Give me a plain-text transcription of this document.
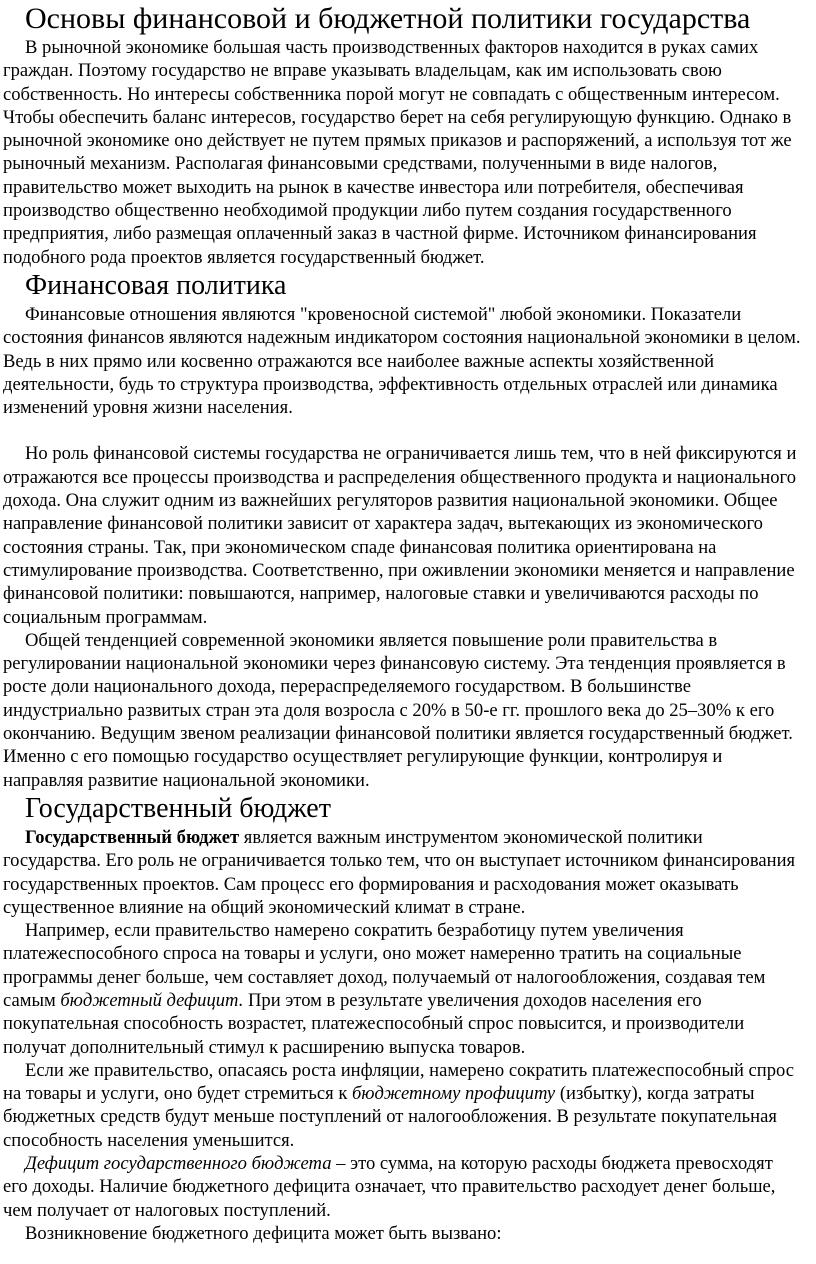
Основы финансовой и бюджетной политики государства

В рыночной экономике большая часть производственных факторов находится в руках самих граждан. Поэтому государство не вправе указывать владельцам, как им использовать свою собственность. Но интересы собственника порой могут не совпадать с общественным интересом. Чтобы обеспечить баланс интересов, государство берет на себя регулирующую функцию. Однако в рыночной экономике оно действует не путем прямых приказов и распоряжений, а используя тот же рыночный механизм. Располагая финансовыми средствами, полученными в виде налогов, правительство может выходить на рынок в качестве инвестора или потребителя, обеспечивая производство общественно необходимой продукции либо путем создания государственного предприятия, либо размещая оплаченный заказ в частной фирме. Источником финансирования подобного рода проектов является государственный бюджет.

Финансовая политика

Финансовые отношения являются "кровеносной системой" любой экономики. Показатели состояния финансов являются надежным индикатором состояния национальной экономики в целом. Ведь в них прямо или косвенно отражаются все наиболее важные аспекты хозяйственной деятельности, будь то структура производства, эффективность отдельных отраслей или динамика изменений уровня жизни населения.

Но роль финансовой системы государства не ограничивается лишь тем, что в ней фиксируются и отражаются все процессы производства и распределения общественного продукта и национального дохода. Она служит одним из важнейших регуляторов развития национальной экономики. Общее направление финансовой политики зависит от характера задач, вытекающих из экономического состояния страны. Так, при экономическом спаде финансовая политика ориентирована на стимулирование производства. Соответственно, при оживлении экономики меняется и направление финансовой политики: повышаются, например, налоговые ставки и увеличиваются расходы по социальным программам.

Общей тенденцией современной экономики является повышение роли правительства в регулировании национальной экономики через финансовую систему. Эта тенденция проявляется в росте доли национального дохода, перераспределяемого государством. В большинстве индустриально развитых стран эта доля возросла с 20% в 50-е гг. прошлого века до 25–30% к его окончанию. Ведущим звеном реализации финансовой политики является государственный бюджет. Именно с его помощью государство осуществляет регулирующие функции, контролируя и направляя развитие национальной экономики.

Государственный бюджет

Государственный бюджет является важным инструментом экономической политики государства. Его роль не ограничивается только тем, что он выступает источником финансирования государственных проектов. Сам процесс его формирования и расходования может оказывать существенное влияние на общий экономический климат в стране.

Например, если правительство намерено сократить безработицу путем увеличения платежеспособного спроса на товары и услуги, оно может намеренно тратить на социальные программы денег больше, чем составляет доход, получаемый от налогообложения, создавая тем самым бюджетный дефицит. При этом в результате увеличения доходов населения его покупательная способность возрастет, платежеспособный спрос повысится, и производители получат дополнительный стимул к расширению выпуска товаров.

Если же правительство, опасаясь роста инфляции, намерено сократить платежеспособный спрос на товары и услуги, оно будет стремиться к бюджетному профициту (избытку), когда затраты бюджетных средств будут меньше поступлений от налогообложения. В результате покупательная способность населения уменьшится.

Дефицит государственного бюджета – это сумма, на которую расходы бюджета превосходят его доходы. Наличие бюджетного дефицита означает, что правительство расходует денег больше, чем получает от налоговых поступлений.

Возникновение бюджетного дефицита может быть вызвано:
